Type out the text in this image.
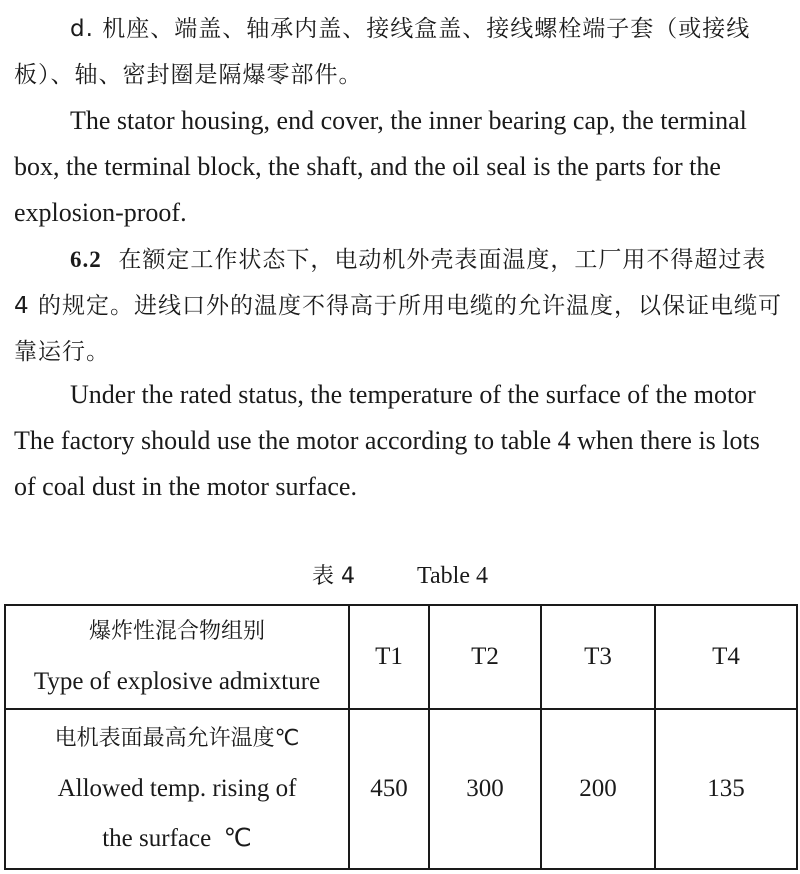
d. 机座、端盖、轴承内盖、接线盒盖、接线螺栓端子套（或接线板）、轴、密封圈是隔爆零部件。

The stator housing, end cover, the inner bearing cap, the terminal box, the terminal block, the shaft, and the oil seal is the parts for the explosion-proof.

6.2 在额定工作状态下，电动机外壳表面温度，工厂用不得超过表 4 的规定。进线口外的温度不得高于所用电缆的允许温度，以保证电缆可靠运行。

Under the rated status, the temperature of the surface of the motor    The factory should use the motor according to table 4 when there is lots of coal dust in the motor surface.

表 4	Table 4
爆炸性混合物组别
Type of explosive admixture	T1	T2	T3	T4

电机表面最高允许温度℃
Allowed temp. rising of
the surface  ℃	450	300	200	135
